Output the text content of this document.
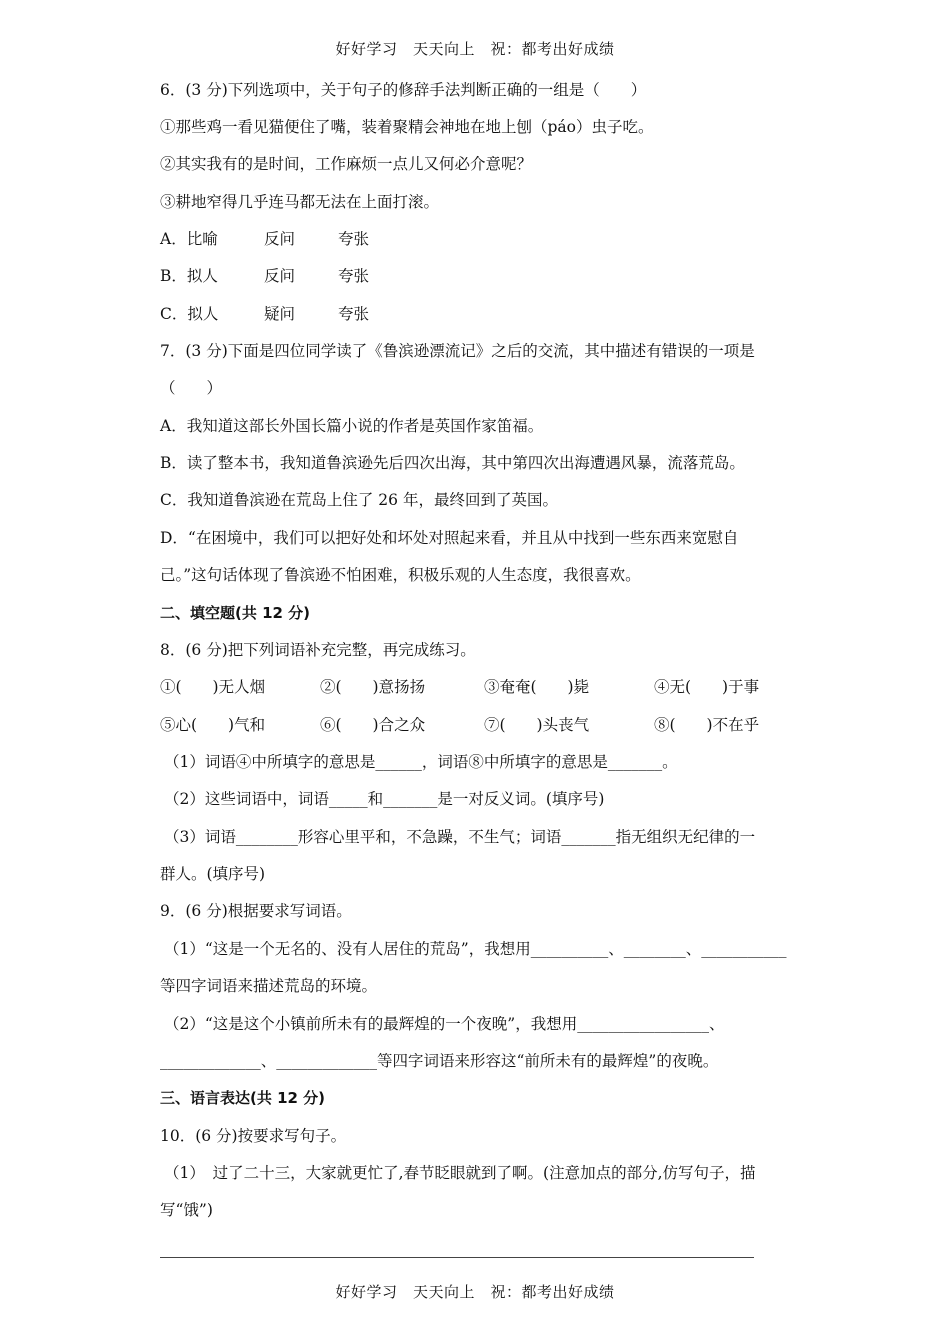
好好学习　天天向上　祝：都考出好成绩
6．(3 分)下列选项中，关于句子的修辞手法判断正确的一组是（　　）
①那些鸡一看见猫便住了嘴，装着聚精会神地在地上刨（páo）虫子吃。
②其实我有的是时间，工作麻烦一点儿又何必介意呢？
③耕地窄得几乎连马都无法在上面打滚。
A．比喻	反问	夸张
B．拟人	反问	夸张
C．拟人	疑问	夸张
7．(3 分)下面是四位同学读了《鲁滨逊漂流记》之后的交流，其中描述有错误的一项是
（　　）
A．我知道这部长外国长篇小说的作者是英国作家笛福。
B．读了整本书，我知道鲁滨逊先后四次出海，其中第四次出海遭遇风暴，流落荒岛。
C．我知道鲁滨逊在荒岛上住了 26 年，最终回到了英国。
D．“在困境中，我们可以把好处和坏处对照起来看，并且从中找到一些东西来宽慰自
己。”这句话体现了鲁滨逊不怕困难，积极乐观的人生态度，我很喜欢。
二、填空题(共 12 分)
8．(6 分)把下列词语补充完整，再完成练习。
①(　　)无人烟	②(　　)意扬扬	③奄奄(　　)毙	④无(　　)于事
⑤心(　　)气和	⑥(　　)合之众	⑦(　　)头丧气	⑧(　　)不在乎
（1）词语④中所填字的意思是______，词语⑧中所填字的意思是_______。
（2）这些词语中，词语_____和_______是一对反义词。(填序号)
（3）词语________形容心里平和，不急躁，不生气；词语_______指无组织无纪律的一
群人。(填序号)
9．(6 分)根据要求写词语。
（1）“这是一个无名的、没有人居住的荒岛”，我想用__________、________、___________
等四字词语来描述荒岛的环境。
（2）“这是这个小镇前所未有的最辉煌的一个夜晚”，我想用_________________、
_____________、_____________等四字词语来形容这“前所未有的最辉煌”的夜晚。
三、语言表达(共 12 分)
10．(6 分)按要求写句子。
（1）　过了二十三，大家就更忙了,春节眨眼就到了啊。(注意加点的部分,仿写句子，描
写“饿”)
好好学习　天天向上　祝：都考出好成绩
